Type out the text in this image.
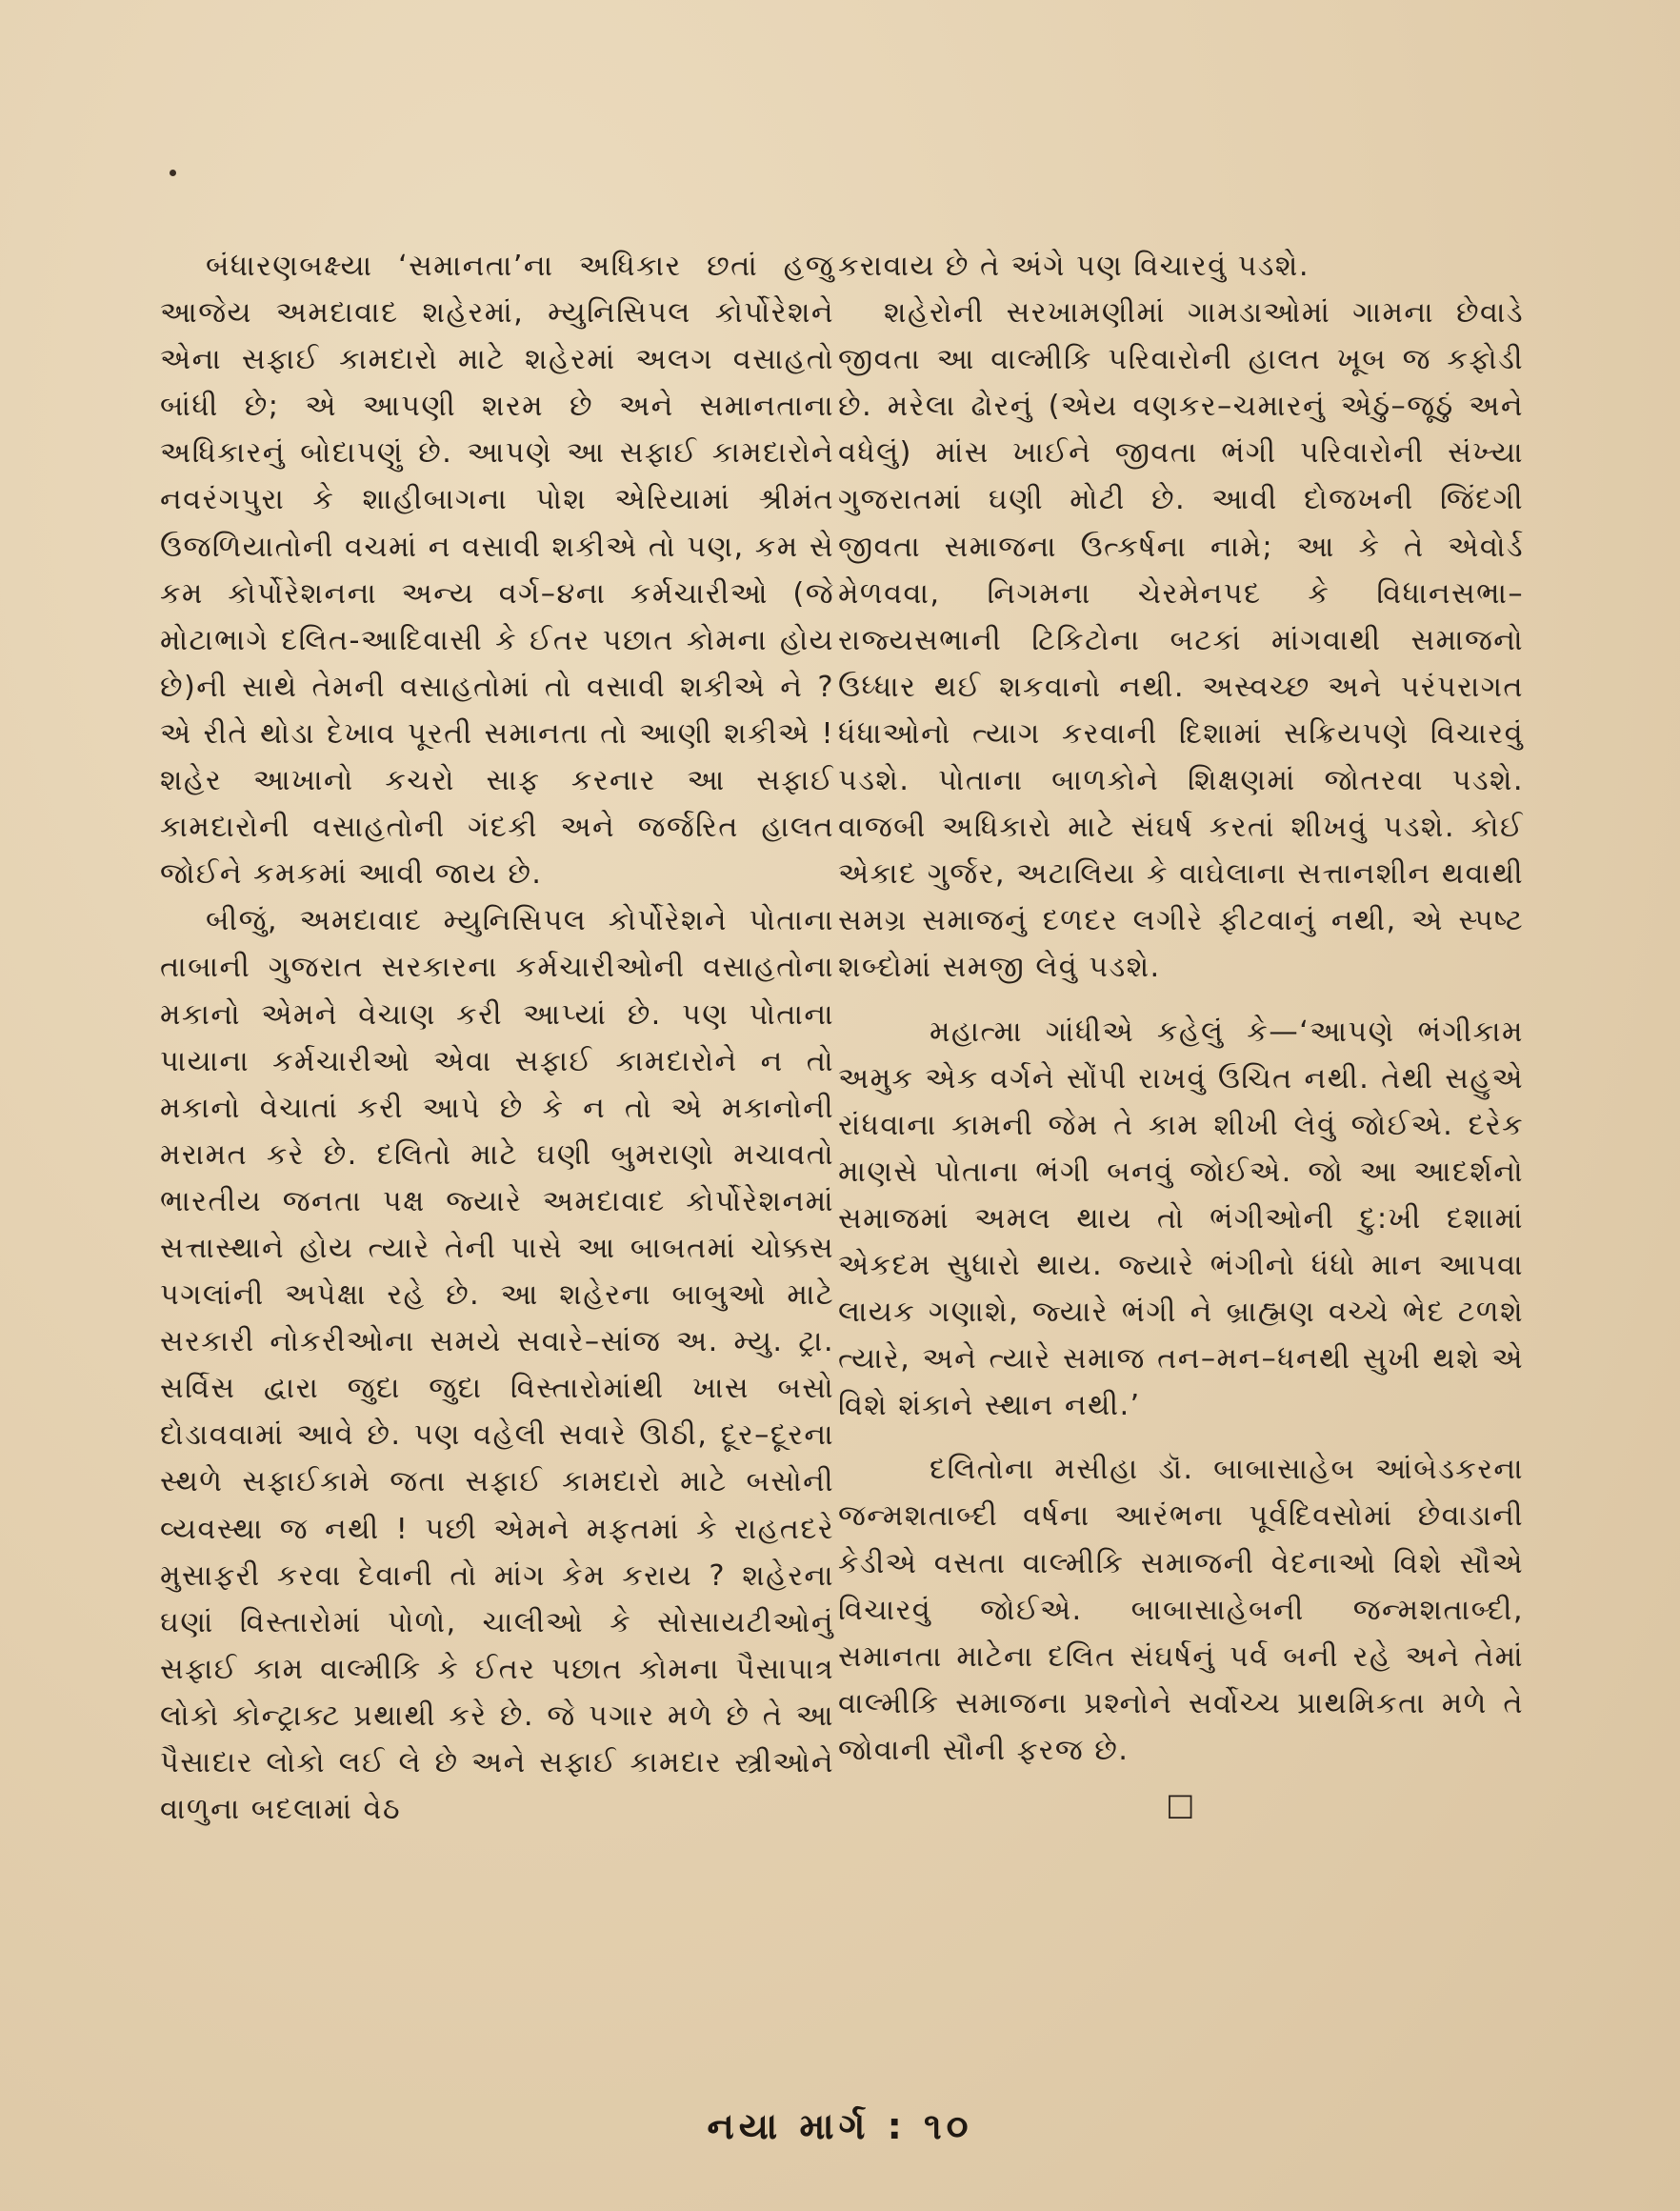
બંધારણબક્ષ્યા ‘સમાનતા’ના અધિકાર છતાં હજુ આજેય અમદાવાદ શહેરમાં, મ્યુનિસિપલ કોર્પોરેશને એના સફાઈ કામદારો માટે શહેરમાં અલગ વસાહતો બાંધી છે; એ આપણી શરમ છે અને સમાનતાના અધિકારનું બોદાપણું છે. આપણે આ સફાઈ કામદારોને નવરંગપુરા કે શાહીબાગના પોશ એરિયામાં શ્રીમંત ઉજળિયાતોની વચમાં ન વસાવી શકીએ તો પણ, કમ સે કમ કોર્પોરેશનના અન્ય વર્ગ–૪ના કર્મચારીઓ (જે મોટાભાગે દલિત-આદિવાસી કે ઈતર પછાત કોમના હોય છે)ની સાથે તેમની વસાહતોમાં તો વસાવી શકીએ ને ? એ રીતે થોડા દેખાવ પૂરતી સમાનતા તો આણી શકીએ ! શહેર આખાનો કચરો સાફ કરનાર આ સફાઈ કામદારોની વસાહતોની ગંદકી અને જર્જરિત હાલત જોઈને કમકમાં આવી જાય છે.

બીજું, અમદાવાદ મ્યુનિસિપલ કોર્પોરેશને પોતાના તાબાની ગુજરાત સરકારના કર્મચારીઓની વસાહતોના મકાનો એમને વેચાણ કરી આપ્યાં છે. પણ પોતાના પાયાના કર્મચારીઓ એવા સફાઈ કામદારોને ન તો મકાનો વેચાતાં કરી આપે છે કે ન તો એ મકાનોની મરામત કરે છે. દલિતો માટે ઘણી બુમરાણો મચાવતો ભારતીય જનતા પક્ષ જ્યારે અમદાવાદ કોર્પોરેશનમાં સત્તાસ્થાને હોય ત્યારે તેની પાસે આ બાબતમાં ચોક્કસ પગલાંની અપેક્ષા રહે છે. આ શહેરના બાબુઓ માટે સરકારી નોકરીઓના સમયે સવારે–સાંજ અ. મ્યુ. ટ્રા. સર્વિસ દ્વારા જુદા જુદા વિસ્તારોમાંથી ખાસ બસો દોડાવવામાં આવે છે. પણ વહેલી સવારે ઊઠી, દૂર–દૂરના સ્થળે સફાઈકામે જતા સફાઈ કામદારો માટે બસોની વ્યવસ્થા જ નથી ! પછી એમને મફતમાં કે રાહતદરે મુસાફરી કરવા દેવાની તો માંગ કેમ કરાય ? શહેરના ઘણાં વિસ્તારોમાં પોળો, ચાલીઓ કે સોસાયટીઓનું સફાઈ કામ વાલ્મીકિ કે ઈતર પછાત કોમના પૈસાપાત્ર લોકો કોન્ટ્રાક્ટ પ્રથાથી કરે છે. જે પગાર મળે છે તે આ પૈસાદાર લોકો લઈ લે છે અને સફાઈ કામદાર સ્ત્રીઓને વાળુના બદલામાં વેઠ

કરાવાય છે તે અંગે પણ વિચારવું પડશે.

શહેરોની સરખામણીમાં ગામડાઓમાં ગામના છેવાડે જીવતા આ વાલ્મીકિ પરિવારોની હાલત ખૂબ જ કફોડી છે. મરેલા ઢોરનું (એય વણકર–ચમારનું એઠું–જૂઠું અને વધેલું) માંસ ખાઈને જીવતા ભંગી પરિવારોની સંખ્યા ગુજરાતમાં ઘણી મોટી છે. આવી દોજખની જિંદગી જીવતા સમાજના ઉત્કર્ષના નામે; આ કે તે એવોર્ડ મેળવવા, નિગમના ચેરમેનપદ કે વિધાનસભા–રાજ્યસભાની ટિકિટોના બટકાં માંગવાથી સમાજનો ઉધ્ધાર થઈ શકવાનો નથી. અસ્વચ્છ અને પરંપરાગત ધંધાઓનો ત્યાગ કરવાની દિશામાં સક્રિયપણે વિચારવું પડશે. પોતાના બાળકોને શિક્ષણમાં જોતરવા પડશે. વાજબી અધિકારો માટે સંઘર્ષ કરતાં શીખવું પડશે. કોઈ એકાદ ગુર્જર, અટાલિયા કે વાઘેલાના સત્તાનશીન થવાથી સમગ્ર સમાજનું દળદર લગીરે ફીટવાનું નથી, એ સ્પષ્ટ શબ્દોમાં સમજી લેવું પડશે.

મહાત્મા ગાંધીએ કહેલું કે—‘આપણે ભંગીકામ અમુક એક વર્ગને સોંપી રાખવું ઉચિત નથી. તેથી સહુએ રાંધવાના કામની જેમ તે કામ શીખી લેવું જોઈએ. દરેક માણસે પોતાના ભંગી બનવું જોઈએ. જો આ આદર્શનો સમાજમાં અમલ થાય તો ભંગીઓની દુ:ખી દશામાં એકદમ સુધારો થાય. જ્યારે ભંગીનો ધંધો માન આપવા લાયક ગણાશે, જ્યારે ભંગી ને બ્રાહ્મણ વચ્ચે ભેદ ટળશે ત્યારે, અને ત્યારે સમાજ તન–મન–ધનથી સુખી થશે એ વિશે શંકાને સ્થાન નથી.’

દલિતોના મસીહા ડૉ. બાબાસાહેબ આંબેડકરના જન્મશતાબ્દી વર્ષના આરંભના પૂર્વદિવસોમાં છેવાડાની કેડીએ વસતા વાલ્મીકિ સમાજની વેદનાઓ વિશે સૌએ વિચારવું જોઈએ. બાબાસાહેબની જન્મશતાબ્દી, સમાનતા માટેના દલિત સંઘર્ષનું પર્વ બની રહે અને તેમાં વાલ્મીકિ સમાજના પ્રશ્નોને સર્વોચ્ચ પ્રાથમિકતા મળે તે જોવાની સૌની ફરજ છે.

□
નયા માર્ગ : ૧૦
